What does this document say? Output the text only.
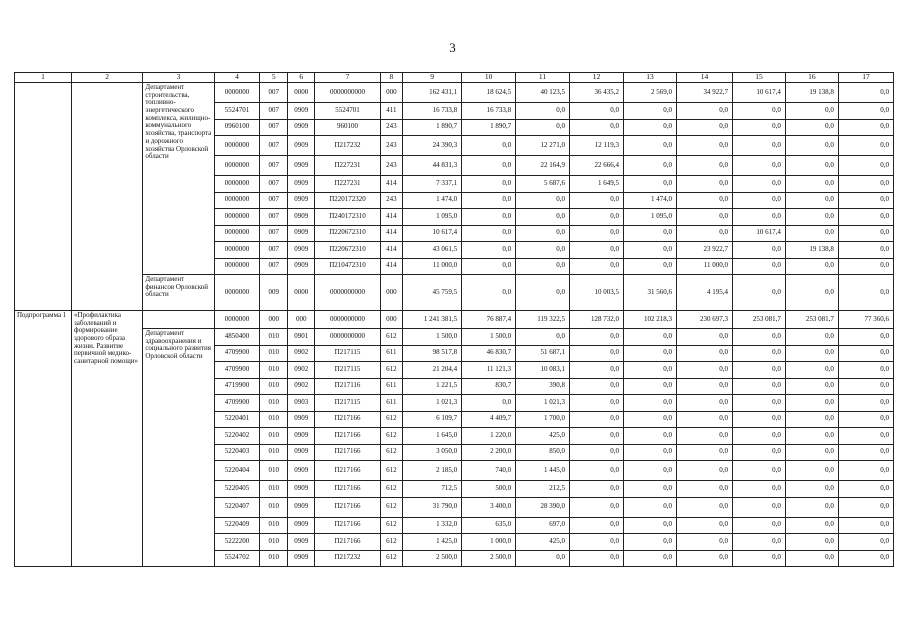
3
1	2	3	4	5	6	7	8	9	10	11	12	13	14	15	16	17
		Департамент строительства, топливно-энергетического комплекса, жилищно-коммунального хозяйства, транспорта и дорожного хозяйства Орловской области	0000000	007	0000	0000000000	000	162 431,1	18 624,5	40 123,5	36 435,2	2 569,0	34 922,7	10 617,4	19 138,8	0,0
			5524701	007	0909	5524701	411	16 733,8	16 733,8	0,0	0,0	0,0	0,0	0,0	0,0	0,0
			0960100	007	0909	960100	243	1 890,7	1 890,7	0,0	0,0	0,0	0,0	0,0	0,0	0,0
			0000000	007	0909	П217232	243	24 390,3	0,0	12 271,0	12 119,3	0,0	0,0	0,0	0,0	0,0
			0000000	007	0909	П227231	243	44 831,3	0,0	22 164,9	22 666,4	0,0	0,0	0,0	0,0	0,0
			0000000	007	0909	П227231	414	7 337,1	0,0	5 687,6	1 649,5	0,0	0,0	0,0	0,0	0,0
			0000000	007	0909	П220172320	243	1 474,0	0,0	0,0	0,0	1 474,0	0,0	0,0	0,0	0,0
			0000000	007	0909	П240172310	414	1 095,0	0,0	0,0	0,0	1 095,0	0,0	0,0	0,0	0,0
			0000000	007	0909	П220672310	414	10 617,4	0,0	0,0	0,0	0,0	0,0	10 617,4	0,0	0,0
			0000000	007	0909	П220672310	414	43 061,5	0,0	0,0	0,0	0,0	23 922,7	0,0	19 138,8	0,0
			0000000	007	0909	П210472310	414	11 000,0	0,0	0,0	0,0	0,0	11 000,0	0,0	0,0	0,0
		Департамент финансов Орловской области	0000000	009	0000	0000000000	000	45 759,5	0,0	0,0	10 003,5	31 560,6	4 195,4	0,0	0,0	0,0
Подпрограмма 1	«Профилактика заболеваний и формирование здорового образа жизни. Развитие первичной медико-санитарной помощи»		0000000	000	000	0000000000	000	1 241 381,5	76 887,4	119 322,5	128 732,0	102 218,3	230 697,3	253 081,7	253 081,7	77 360,6
		Департамент здравоохранения и социального развития Орловской области	4850400	010	0901	0000000000	612	1 500,0	1 500,0	0,0	0,0	0,0	0,0	0,0	0,0	0,0
			4709900	010	0902	П217115	611	98 517,8	46 830,7	51 687,1	0,0	0,0	0,0	0,0	0,0	0,0
			4709900	010	0902	П217115	612	21 204,4	11 121,3	10 083,1	0,0	0,0	0,0	0,0	0,0	0,0
			4719900	010	0902	П217116	611	1 221,5	830,7	390,8	0,0	0,0	0,0	0,0	0,0	0,0
			4709900	010	0903	П217115	611	1 021,3	0,0	1 021,3	0,0	0,0	0,0	0,0	0,0	0,0
			5220401	010	0909	П217166	612	6 109,7	4 409,7	1 700,0	0,0	0,0	0,0	0,0	0,0	0,0
			5220402	010	0909	П217166	612	1 645,0	1 220,0	425,0	0,0	0,0	0,0	0,0	0,0	0,0
			5220403	010	0909	П217166	612	3 050,0	2 200,0	850,0	0,0	0,0	0,0	0,0	0,0	0,0
			5220404	010	0909	П217166	612	2 185,0	740,0	1 445,0	0,0	0,0	0,0	0,0	0,0	0,0
			5220405	010	0909	П217166	612	712,5	500,0	212,5	0,0	0,0	0,0	0,0	0,0	0,0
			5220407	010	0909	П217166	612	31 790,0	3 400,0	28 390,0	0,0	0,0	0,0	0,0	0,0	0,0
			5220409	010	0909	П217166	612	1 332,0	635,0	697,0	0,0	0,0	0,0	0,0	0,0	0,0
			5222200	010	0909	П217166	612	1 425,0	1 000,0	425,0	0,0	0,0	0,0	0,0	0,0	0,0
			5524702	010	0909	П217232	612	2 500,0	2 500,0	0,0	0,0	0,0	0,0	0,0	0,0	0,0
